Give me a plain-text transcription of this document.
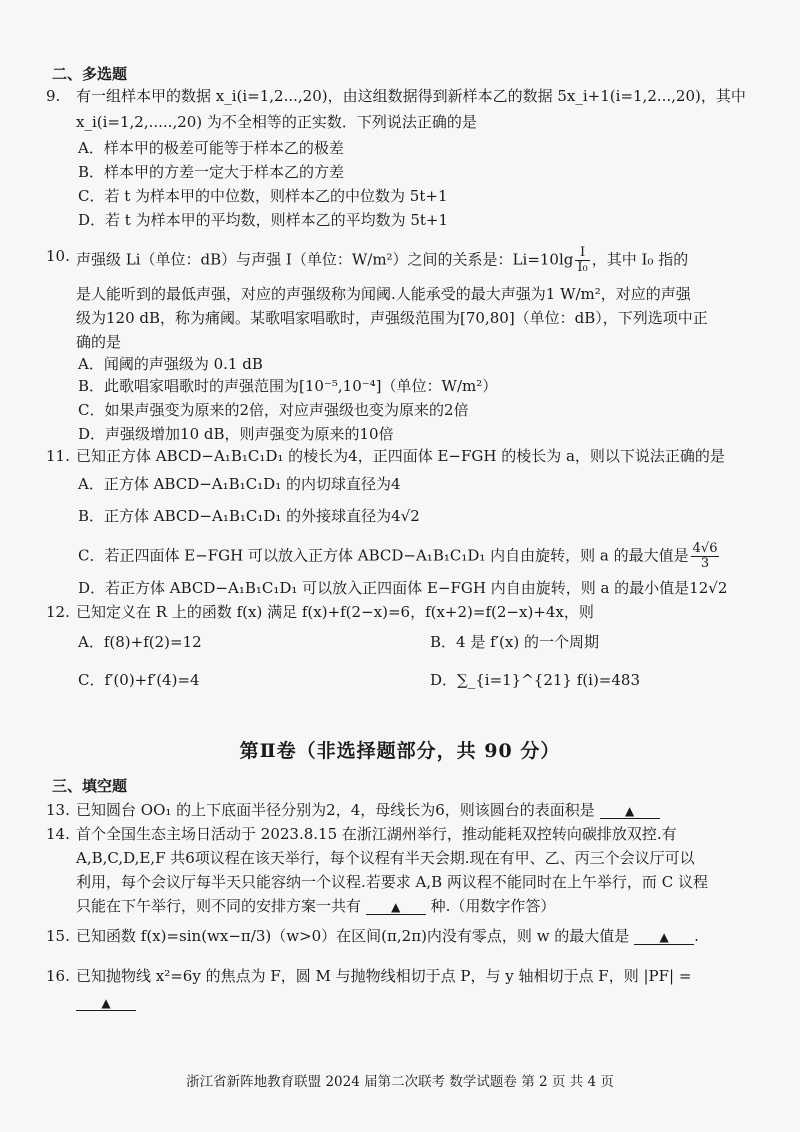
二、多选题
9. 有一组样本甲的数据 x_i(i=1,2...,20)，由这组数据得到新样本乙的数据 5x_i+1(i=1,2...,20)，其中
x_i(i=1,2,.....,20) 为不全相等的正实数．下列说法正确的是
A．样本甲的极差可能等于样本乙的极差
B．样本甲的方差一定大于样本乙的方差
C．若 t 为样本甲的中位数，则样本乙的中位数为 5t+1
D．若 t 为样本甲的平均数，则样本乙的平均数为 5t+1
10. 声强级 Li（单位：dB）与声强 I（单位：W/m²）之间的关系是：$Li=10\lg \frac{I}{\text{I₀}}$ ，其中 I₀ 指的
是人能听到的最低声强，对应的声强级称为闻阈.人能承受的最大声强为1 W/m²，对应的声强
级为120 dB，称为痛阈。某歌唱家唱歌时，声强级范围为[70,80]（单位：dB），下列选项中正
确的是
A．闻阈的声强级为 0.1 dB
B．此歌唱家唱歌时的声强范围为[10⁻⁵,10⁻⁴]（单位：W/m²）
C．如果声强变为原来的2倍，对应声强级也变为原来的2倍
D．声强级增加10 dB，则声强变为原来的10倍
11. 已知正方体 ABCD−A₁B₁C₁D₁ 的棱长为4，正四面体 E−FGH 的棱长为 a，则以下说法正确的是
A．正方体 ABCD−A₁B₁C₁D₁ 的内切球直径为4
B．正方体 ABCD−A₁B₁C₁D₁ 的外接球直径为4√2
C．若正四面体 E−FGH 可以放入正方体 ABCD−A₁B₁C₁D₁ 内自由旋转，则 a 的最大值是 $\frac{4√6}{3}$
D．若正方体 ABCD−A₁B₁C₁D₁ 可以放入正四面体 E−FGH 内自由旋转，则 a 的最小值是12√2
12. 已知定义在 R 上的函数 f(x) 满足 f(x)+f(2−x)=6，f(x+2)=f(2−x)+4x，则
A．f(8)+f(2)=12	B．4 是 f′(x) 的一个周期
C．f′(0)+f′(4)=4	D．∑_{i=1}^{21} f(i)=483
第Ⅱ卷（非选择题部分，共 90 分）
三、填空题
13. 已知圆台 OO₁ 的上下底面半径分别为2，4，母线长为6，则该圆台的表面积是	▲
14. 首个全国生态主场日活动于 2023.8.15 在浙江湖州举行，推动能耗双控转向碳排放双控.有
A,B,C,D,E,F 共6项议程在该天举行，每个议程有半天会期.现在有甲、乙、丙三个会议厅可以
利用，每个会议厅每半天只能容纳一个议程.若要求 A,B 两议程不能同时在上午举行，而 C 议程
只能在下午举行，则不同的安排方案一共有	▲ 种.（用数字作答）
15. 已知函数 f(x)=sin(wx−π/3)（w>0）在区间(π,2π)内没有零点，则 w 的最大值是	▲ .
16. 已知抛物线 x²=6y 的焦点为 F，圆 M 与抛物线相切于点 P，与 y 轴相切于点 F，则 |PF| =
▲
浙江省新阵地教育联盟 2024 届第二次联考 数学试题卷 第 2 页 共 4 页
